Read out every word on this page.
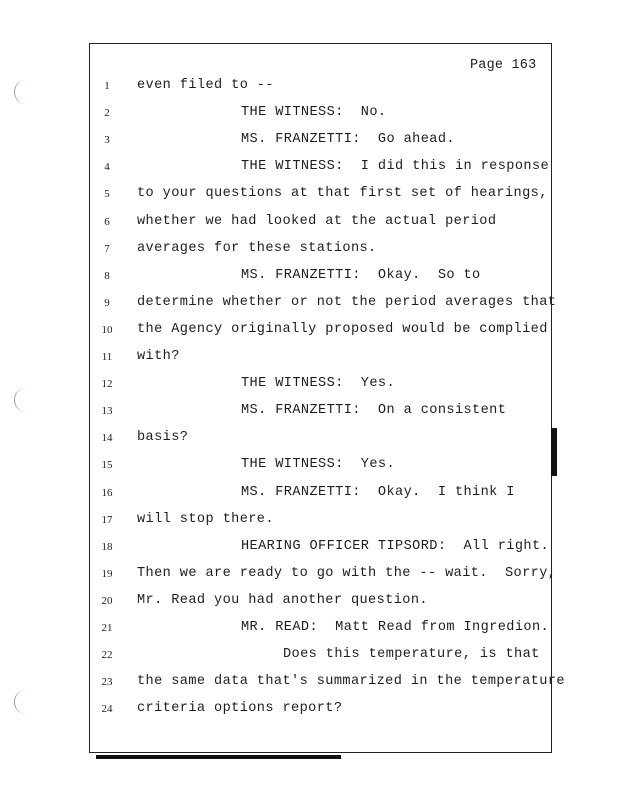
Page 163
1	even filed to --
2	THE WITNESS:  No.
3	MS. FRANZETTI:  Go ahead.
4	THE WITNESS:  I did this in response
5	to your questions at that first set of hearings,
6	whether we had looked at the actual period
7	averages for these stations.
8	MS. FRANZETTI:  Okay.  So to
9	determine whether or not the period averages that
10 the Agency originally proposed would be complied
11 with?
12	THE WITNESS:  Yes.
13	MS. FRANZETTI:  On a consistent
14 basis?
15	THE WITNESS:  Yes.
16	MS. FRANZETTI:  Okay.  I think I
17 will stop there.
18	HEARING OFFICER TIPSORD:  All right.
19 Then we are ready to go with the -- wait.  Sorry,
20 Mr. Read you had another question.
21	MR. READ:  Matt Read from Ingredion.
22	Does this temperature, is that
23 the same data that's summarized in the temperature
24 criteria options report?
